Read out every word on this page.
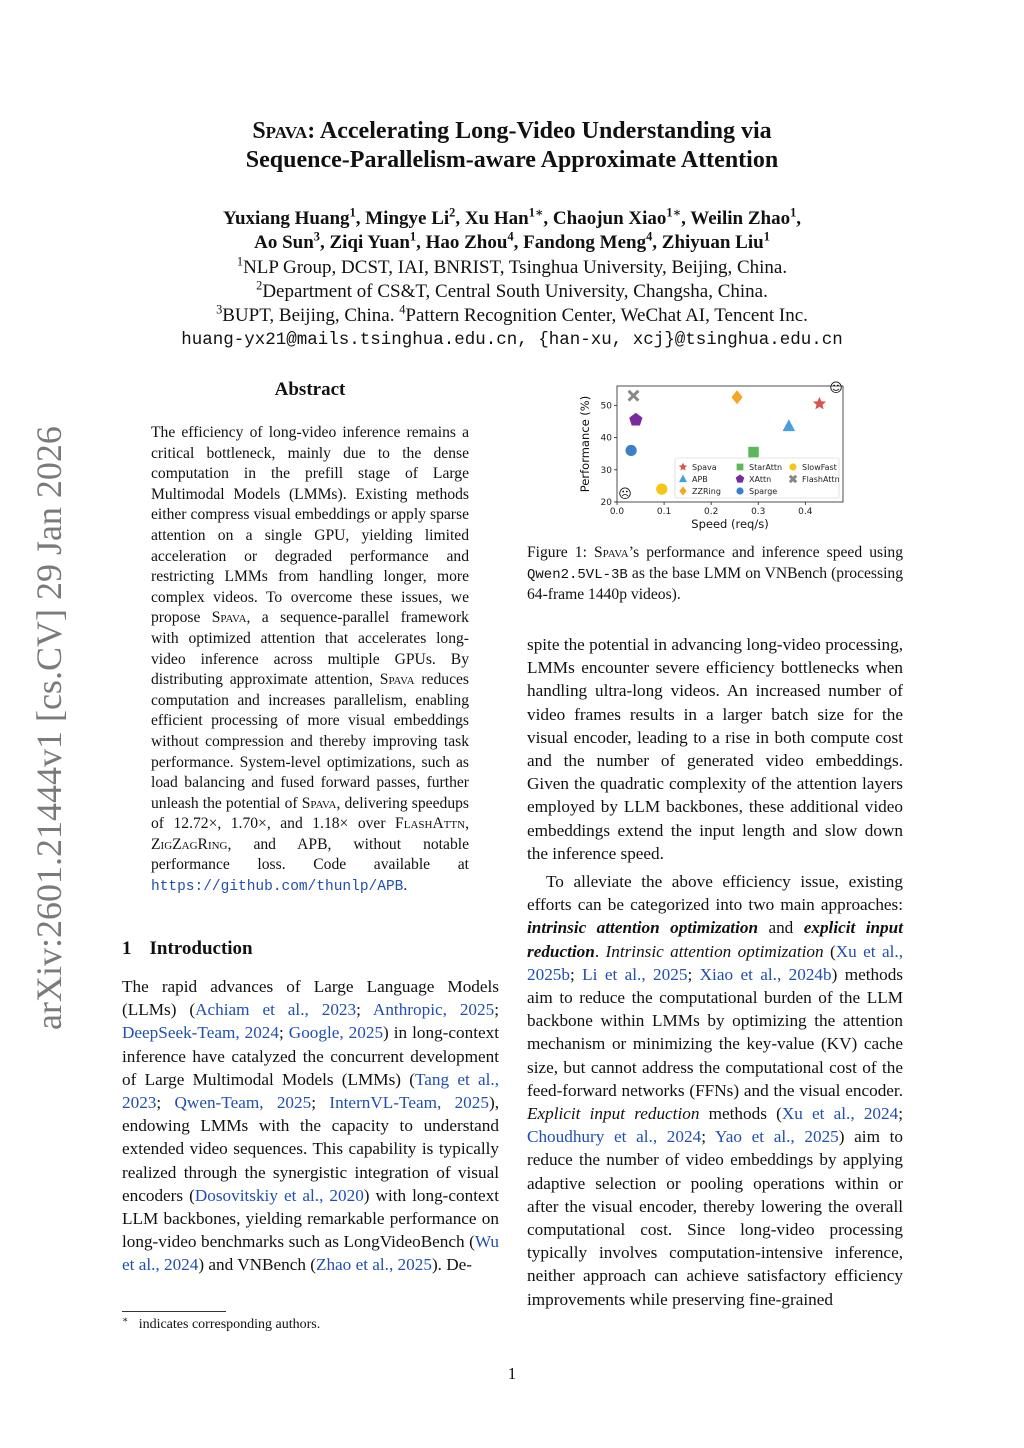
Spava: Accelerating Long-Video Understanding via
Sequence-Parallelism-aware Approximate Attention
Yuxiang Huang$^1$, Mingye Li$^2$, Xu Han$^{1∗}$, Chaojun Xiao$^{1∗}$, Weilin Zhao$^1$,
Ao Sun$^3$, Ziqi Yuan$^1$, Hao Zhou$^4$, Fandong Meng$^4$, Zhiyuan Liu$^1$
$^1$NLP Group, DCST, IAI, BNRIST, Tsinghua University, Beijing, China.
$^2$Department of CS&T, Central South University, Changsha, China.
$^3$BUPT, Beijing, China. $^4$Pattern Recognition Center, WeChat AI, Tencent Inc.
huang-yx21@mails.tsinghua.edu.cn, {han-xu, xcj}@tsinghua.edu.cn
arXiv:2601.21444v1 [cs.CV] 29 Jan 2026
Abstract
The efficiency of long-video inference remains a critical bottleneck, mainly due to the dense computation in the prefill stage of Large Multimodal Models (LMMs). Existing methods either compress visual embeddings or apply sparse attention on a single GPU, yielding limited acceleration or degraded performance and restricting LMMs from handling longer, more complex videos. To overcome these issues, we propose Spava, a sequence-parallel framework with optimized attention that accelerates long-video inference across multiple GPUs. By distributing approximate attention, Spava reduces computation and increases parallelism, enabling efficient processing of more visual embeddings without compression and thereby improving task performance. System-level optimizations, such as load balancing and fused forward passes, further unleash the potential of Spava, delivering speedups of 12.72×, 1.70×, and 1.18× over FlashAttn, ZigZagRing, and APB, without notable performance loss. Code available at https://github.com/thunlp/APB.
1 Introduction
The rapid advances of Large Language Models (LLMs) (Achiam et al., 2023; Anthropic, 2025; DeepSeek-Team, 2024; Google, 2025) in long-context inference have catalyzed the concurrent development of Large Multimodal Models (LMMs) (Tang et al., 2023; Qwen-Team, 2025; InternVL-Team, 2025), endowing LMMs with the capacity to understand extended video sequences. This capability is typically realized through the synergistic integration of visual encoders (Dosovitskiy et al., 2020) with long-context LLM backbones, yielding remarkable performance on long-video benchmarks such as LongVideoBench (Wu et al., 2024) and VNBench (Zhao et al., 2025). De-
∗ indicates corresponding authors.
0.0	0.1	0.2	0.3	0.4
20
30
40
50
Speed (req/s)
Performance (%)	Spava
APB
ZZRing
StarAttn
XAttn
Sparge
SlowFast
FlashAttn
☺
☹
Figure 1: Spava’s performance and inference speed using Qwen2.5VL-3B as the base LMM on VNBench (processing 64-frame 1440p videos).
spite the potential in advancing long-video processing, LMMs encounter severe efficiency bottlenecks when handling ultra-long videos. An increased number of video frames results in a larger batch size for the visual encoder, leading to a rise in both compute cost and the number of generated video embeddings. Given the quadratic complexity of the attention layers employed by LLM backbones, these additional video embeddings extend the input length and slow down the inference speed.
To alleviate the above efficiency issue, existing efforts can be categorized into two main approaches: intrinsic attention optimization and explicit input reduction. Intrinsic attention optimization (Xu et al., 2025b; Li et al., 2025; Xiao et al., 2024b) methods aim to reduce the computational burden of the LLM backbone within LMMs by optimizing the attention mechanism or minimizing the key-value (KV) cache size, but cannot address the computational cost of the feed-forward networks (FFNs) and the visual encoder. Explicit input reduction methods (Xu et al., 2024; Choudhury et al., 2024; Yao et al., 2025) aim to reduce the number of video embeddings by applying adaptive selection or pooling operations within or after the visual encoder, thereby lowering the overall computational cost. Since long-video processing typically involves computation-intensive inference, neither approach can achieve satisfactory efficiency improvements while preserving fine-grained
1
